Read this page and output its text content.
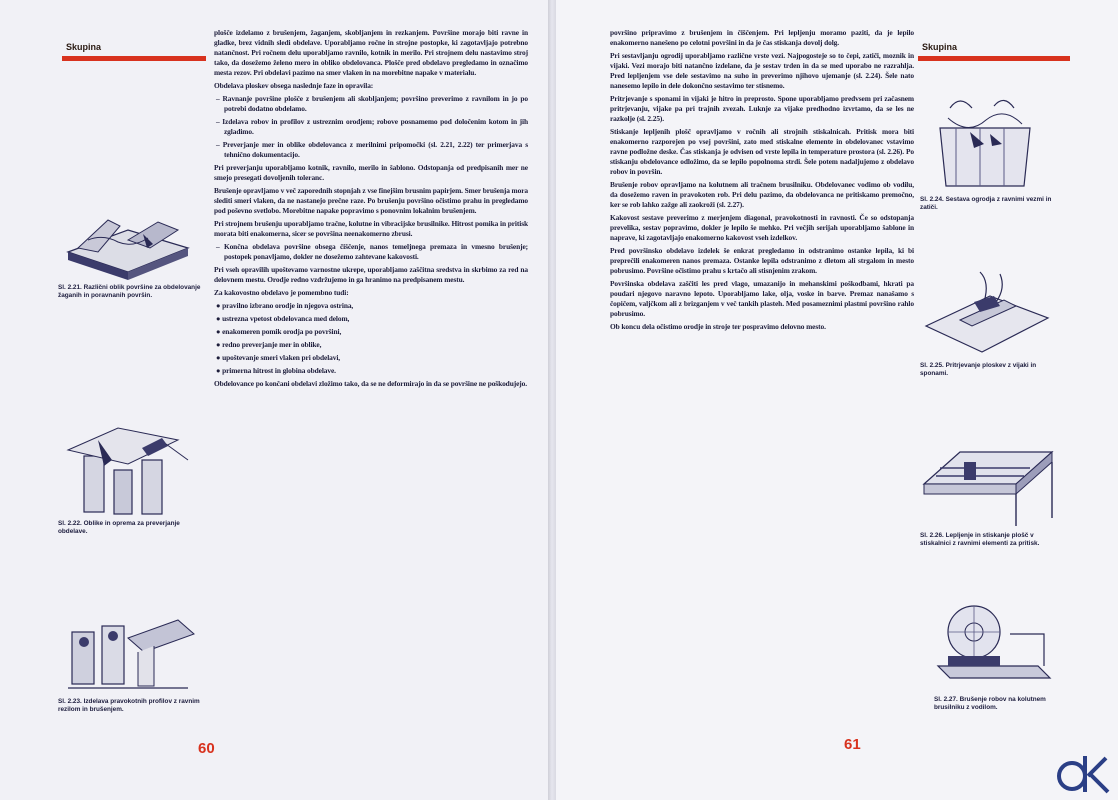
Skupina
Sl. 2.21. Različni oblik površine za obdelovanje žaganih in poravnanih površin.
Sl. 2.22. Oblike in oprema za preverjanje obdelave.
Sl. 2.23. Izdelava pravokotnih profilov z ravnim rezilom in brušenjem.

plošče izdelamo z brušenjem, žaganjem, skobljanjem in rezkanjem. Površine morajo biti ravne in gladke, brez vidnih sledi obdelave. Uporabljamo ročne in strojne postopke, ki zagotavljajo potrebno natančnost. Pri ročnem delu uporabljamo ravnilo, kotnik in merilo. Pri strojnem delu nastavimo stroj tako, da dosežemo želeno mero in obliko obdelovanca. Plošče pred obdelavo pregledamo in označimo mesta rezov. Pri obdelavi pazimo na smer vlaken in na morebitne napake v materialu.

Obdelava ploskev obsega naslednje faze in opravila:

– Ravnanje površine plošče z brušenjem ali skobljanjem; površino preverimo z ravnilom in jo po potrebi dodatno obdelamo.

– Izdelava robov in profilov z ustreznim orodjem; robove posnamemo pod določenim kotom in jih zgladimo.

– Preverjanje mer in oblike obdelovanca z merilnimi pripomočki (sl. 2.21, 2.22) ter primerjava s tehnično dokumentacijo.

Pri preverjanju uporabljamo kotnik, ravnilo, merilo in šablono. Odstopanja od predpisanih mer ne smejo presegati dovoljenih toleranc.

Brušenje opravljamo v več zaporednih stopnjah z vse finejšim brusnim papirjem. Smer brušenja mora slediti smeri vlaken, da ne nastanejo prečne raze. Po brušenju površino očistimo prahu in pregledamo pod poševno svetlobo. Morebitne napake popravimo s ponovnim lokalnim brušenjem.

Pri strojnem brušenju uporabljamo tračne, kolutne in vibracijske brusilnike. Hitrost pomika in pritisk morata biti enakomerna, sicer se površina neenakomerno zbrusi.

– Končna obdelava površine obsega čiščenje, nanos temeljnega premaza in vmesno brušenje; postopek ponavljamo, dokler ne dosežemo zahtevane kakovosti.

Pri vseh opravilih upoštevamo varnostne ukrepe, uporabljamo zaščitna sredstva in skrbimo za red na delovnem mestu. Orodje redno vzdržujemo in ga hranimo na predpisanem mestu.

Za kakovostno obdelavo je pomembno tudi:

● pravilno izbrano orodje in njegova ostrina,

● ustrezna vpetost obdelovanca med delom,

● enakomeren pomik orodja po površini,

● redno preverjanje mer in oblike,

● upoštevanje smeri vlaken pri obdelavi,

● primerna hitrost in globina obdelave.

Obdelovance po končani obdelavi zložimo tako, da se ne deformirajo in da se površine ne poškodujejo.

60

površino pripravimo z brušenjem in čiščenjem. Pri lepljenju moramo paziti, da je lepilo enakomerno nanešeno po celotni površini in da je čas stiskanja dovolj dolg.

Pri sestavljanju ogrodij uporabljamo različne vrste vezi. Najpogosteje so to čepi, zatiči, moznik in vijaki. Vezi morajo biti natančno izdelane, da je sestav trden in da se med uporabo ne razrahlja. Pred lepljenjem vse dele sestavimo na suho in preverimo njihovo ujemanje (sl. 2.24). Šele nato nanesemo lepilo in dele dokončno sestavimo ter stisnemo.

Pritrjevanje s sponami in vijaki je hitro in preprosto. Spone uporabljamo predvsem pri začasnem pritrjevanju, vijake pa pri trajnih zvezah. Luknje za vijake predhodno izvrtamo, da se les ne razkolje (sl. 2.25).

Stiskanje lepljenih plošč opravljamo v ročnih ali strojnih stiskalnicah. Pritisk mora biti enakomerno razporejen po vsej površini, zato med stiskalne elemente in obdelovanec vstavimo ravne podložne deske. Čas stiskanja je odvisen od vrste lepila in temperature prostora (sl. 2.26). Po stiskanju obdelovance odložimo, da se lepilo popolnoma strdi. Šele potem nadaljujemo z obdelavo robov in površin.

Brušenje robov opravljamo na kolutnem ali tračnem brusilniku. Obdelovanec vodimo ob vodilu, da dosežemo raven in pravokoten rob. Pri delu pazimo, da obdelovanca ne pritiskamo premočno, ker se rob lahko zažge ali zaokroži (sl. 2.27).

Kakovost sestave preverimo z merjenjem diagonal, pravokotnosti in ravnosti. Če so odstopanja prevelika, sestav popravimo, dokler je lepilo še mehko. Pri večjih serijah uporabljamo šablone in naprave, ki zagotavljajo enakomerno kakovost vseh izdelkov.

Pred površinsko obdelavo izdelek še enkrat pregledamo in odstranimo ostanke lepila, ki bi preprečili enakomeren nanos premaza. Ostanke lepila odstranimo z dletom ali strgalom in mesto pobrusimo. Površine očistimo prahu s krtačo ali stisnjenim zrakom.

Površinska obdelava zaščiti les pred vlago, umazanijo in mehanskimi poškodbami, hkrati pa poudari njegovo naravno lepoto. Uporabljamo lake, olja, voske in barve. Premaz nanašamo s čopičem, valjčkom ali z brizganjem v več tankih plasteh. Med posameznimi plastmi površino rahlo pobrusimo.

Ob koncu dela očistimo orodje in stroje ter pospravimo delovno mesto.

Skupina
Sl. 2.24. Sestava ogrodja z ravnimi vezmi in zatiči.
Sl. 2.25. Pritrjevanje ploskev z vijaki in sponami.
Sl. 2.26. Lepljenje in stiskanje plošč v stiskalnici z ravnimi elementi za pritisk.
Sl. 2.27. Brušenje robov na kolutnem brusilniku z vodilom.
61
